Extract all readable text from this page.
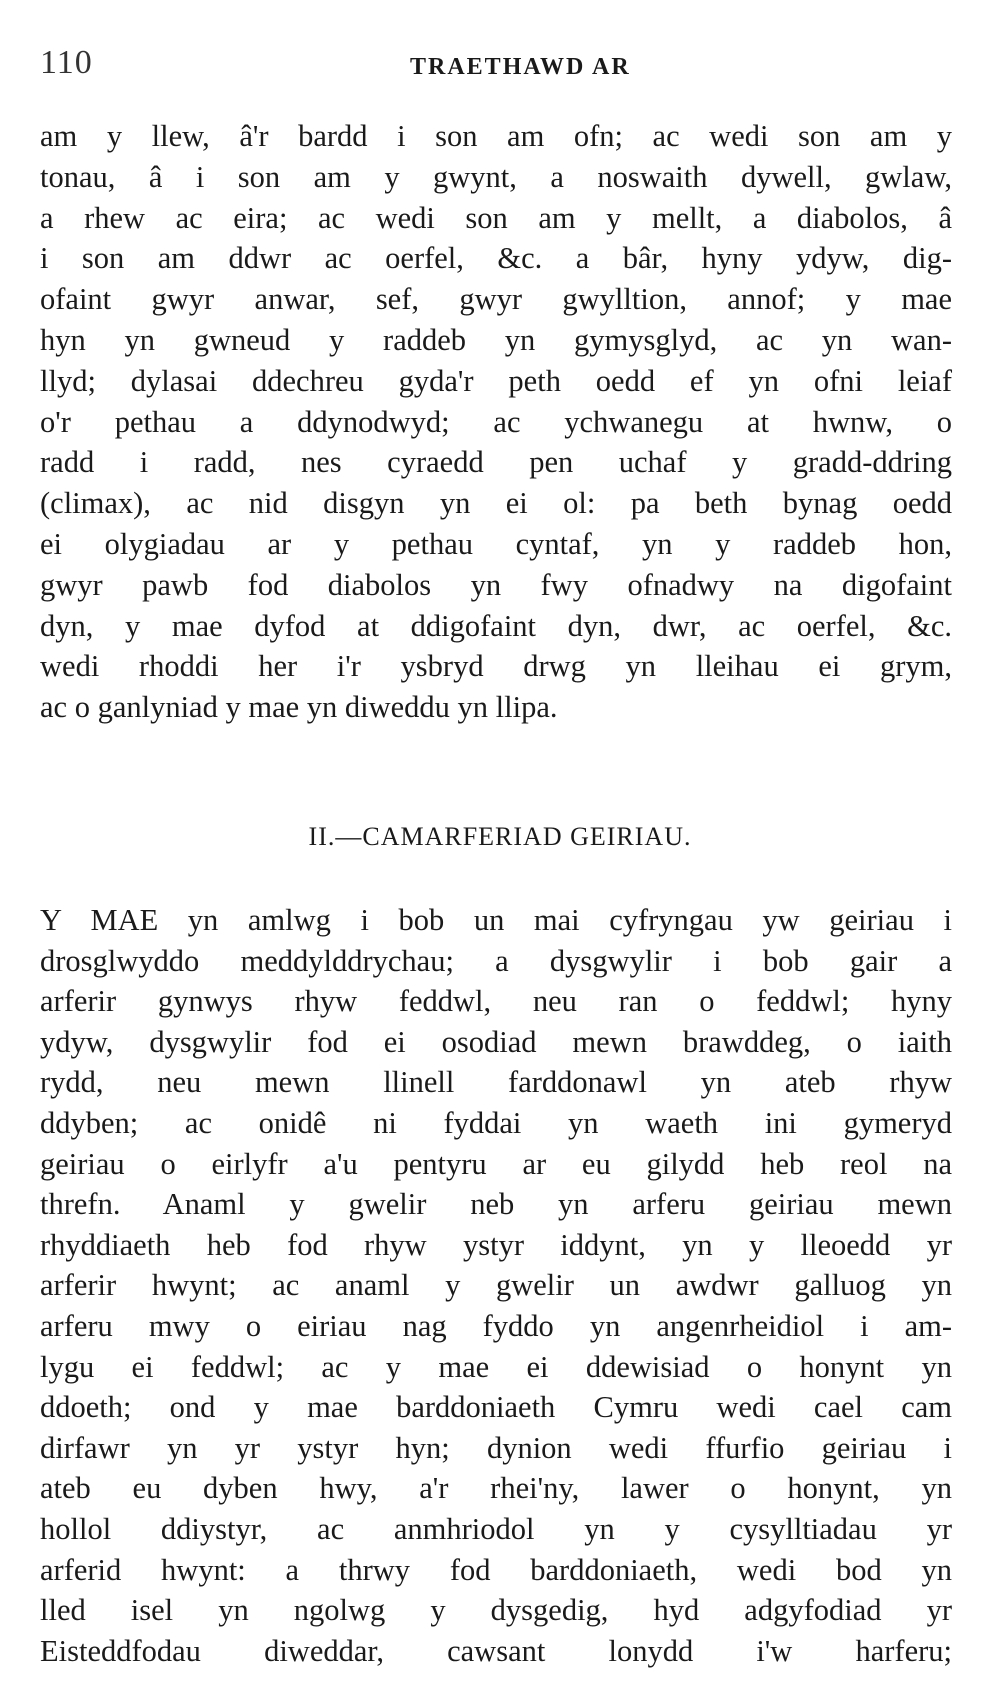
110	TRAETHAWD AR
am y llew, â'r bardd i son am ofn; ac wedi son am y
tonau, â i son am y gwynt, a noswaith dywell, gwlaw,
a rhew ac eira; ac wedi son am y mellt, a diabolos, â
i son am ddwr ac oerfel, &c. a bâr, hyny ydyw, dig-
ofaint gwyr anwar, sef, gwyr gwylltion, annof; y mae
hyn yn gwneud y raddeb yn gymysglyd, ac yn wan-
llyd; dylasai ddechreu gyda'r peth oedd ef yn ofni leiaf
o'r pethau a ddynodwyd; ac ychwanegu at hwnw, o
radd i radd, nes cyraedd pen uchaf y gradd-ddring
(climax), ac nid disgyn yn ei ol: pa beth bynag oedd
ei olygiadau ar y pethau cyntaf, yn y raddeb hon,
gwyr pawb fod diabolos yn fwy ofnadwy na digofaint
dyn, y mae dyfod at ddigofaint dyn, dwr, ac oerfel, &c.
wedi rhoddi her i'r ysbryd drwg yn lleihau ei grym,
ac o ganlyniad y mae yn diweddu yn llipa.
II.—CAMARFERIAD GEIRIAU.
Y MAE yn amlwg i bob un mai cyfryngau yw geiriau i
drosglwyddo meddylddrychau; a dysgwylir i bob gair a
arferir gynwys rhyw feddwl, neu ran o feddwl; hyny
ydyw, dysgwylir fod ei osodiad mewn brawddeg, o iaith
rydd, neu mewn llinell farddonawl yn ateb rhyw
ddyben; ac onidê ni fyddai yn waeth ini gymeryd
geiriau o eirlyfr a'u pentyru ar eu gilydd heb reol na
threfn. Anaml y gwelir neb yn arferu geiriau mewn
rhyddiaeth heb fod rhyw ystyr iddynt, yn y lleoedd yr
arferir hwynt; ac anaml y gwelir un awdwr galluog yn
arferu mwy o eiriau nag fyddo yn angenrheidiol i am-
lygu ei feddwl; ac y mae ei ddewisiad o honynt yn
ddoeth; ond y mae barddoniaeth Cymru wedi cael cam
dirfawr yn yr ystyr hyn; dynion wedi ffurfio geiriau i
ateb eu dyben hwy, a'r rhei'ny, lawer o honynt, yn
hollol ddiystyr, ac anmhriodol yn y cysylltiadau yr
arferid hwynt: a thrwy fod barddoniaeth, wedi bod yn
lled isel yn ngolwg y dysgedig, hyd adgyfodiad yr
Eisteddfodau diweddar, cawsant lonydd i'w harferu;
